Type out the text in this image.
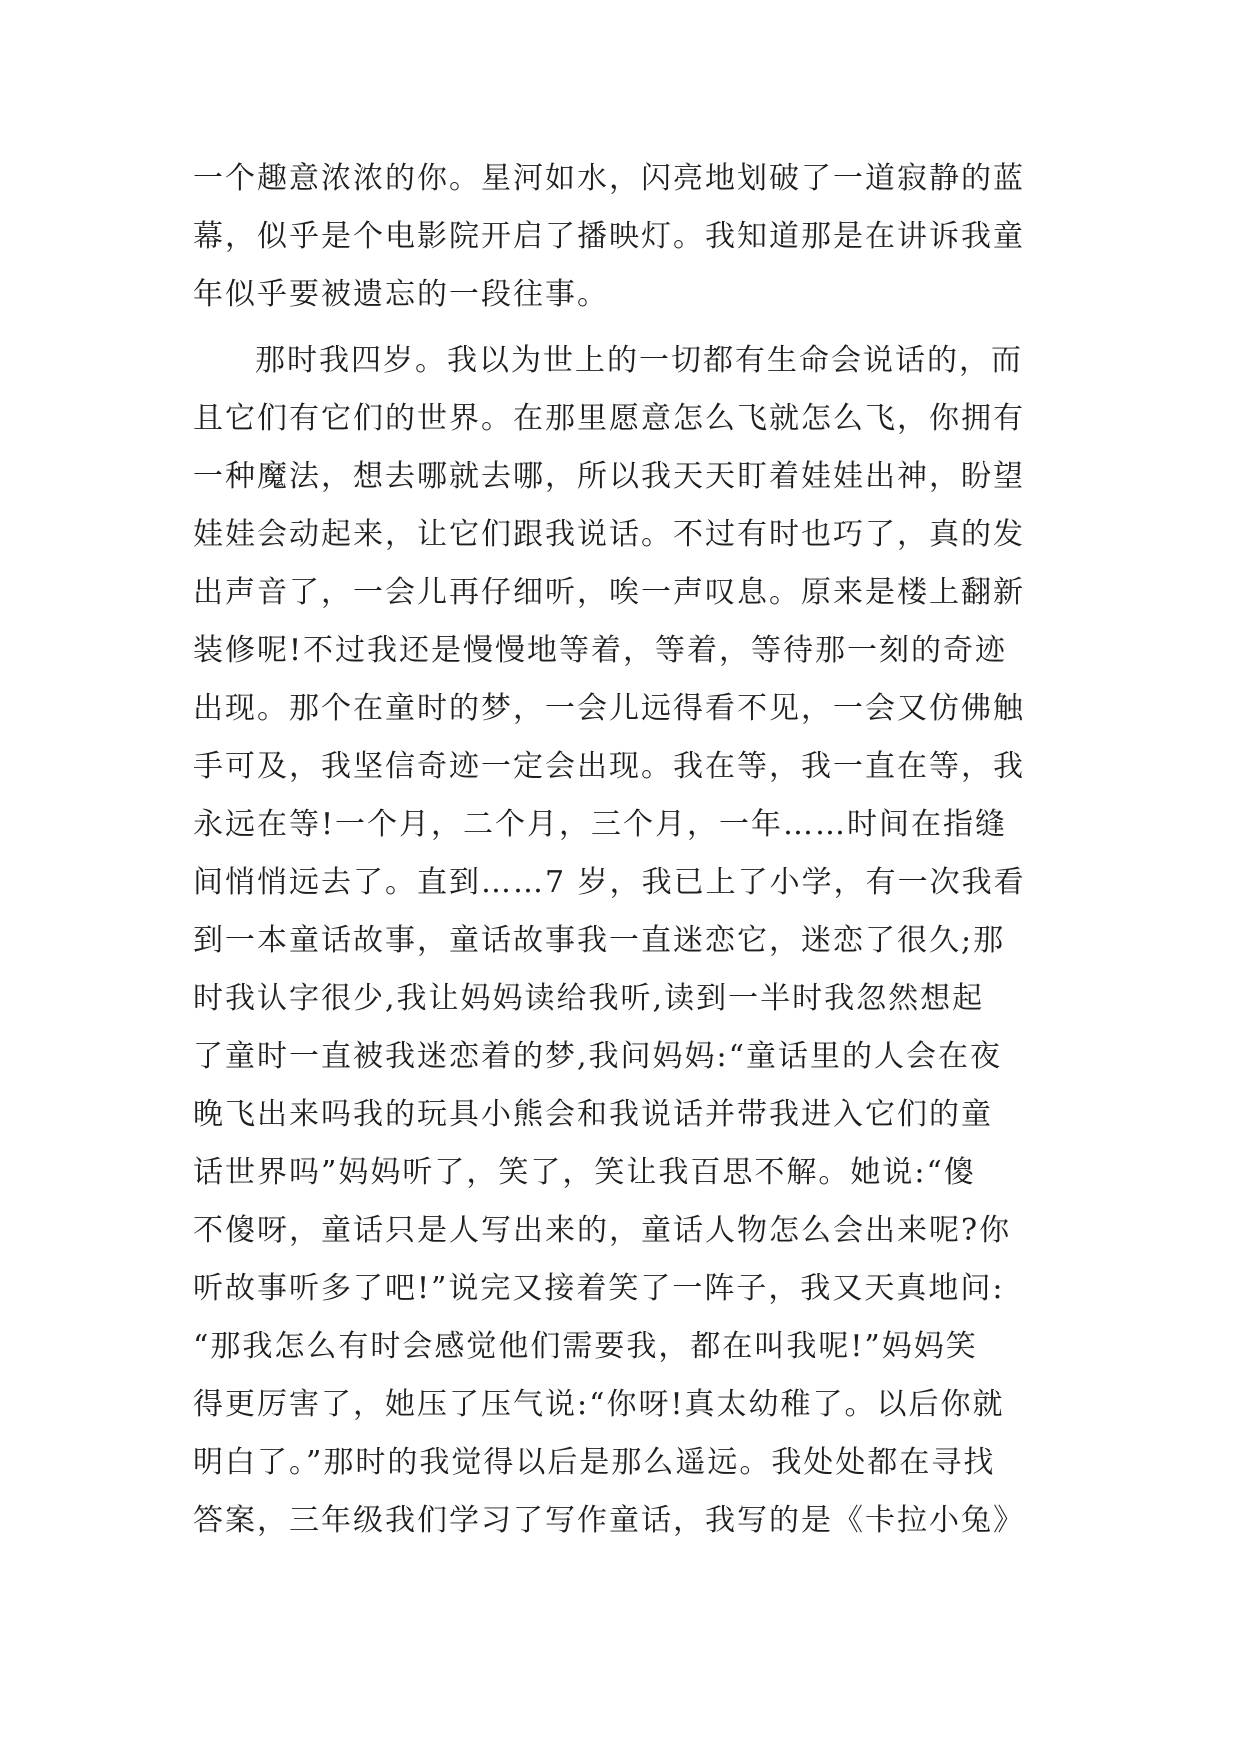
一个趣意浓浓的你。星河如水，闪亮地划破了一道寂静的蓝
幕，似乎是个电影院开启了播映灯。我知道那是在讲诉我童
年似乎要被遗忘的一段往事。
那时我四岁。我以为世上的一切都有生命会说话的，而
且它们有它们的世界。在那里愿意怎么飞就怎么飞，你拥有
一种魔法，想去哪就去哪，所以我天天盯着娃娃出神，盼望
娃娃会动起来，让它们跟我说话。不过有时也巧了，真的发
出声音了，一会儿再仔细听，唉一声叹息。原来是楼上翻新
装修呢!不过我还是慢慢地等着，等着，等待那一刻的奇迹
出现。那个在童时的梦，一会儿远得看不见，一会又仿佛触
手可及，我坚信奇迹一定会出现。我在等，我一直在等，我
永远在等!一个月，二个月，三个月，一年……时间在指缝
间悄悄远去了。直到……7 岁，我已上了小学，有一次我看
到一本童话故事，童话故事我一直迷恋它，迷恋了很久;那
时我认字很少,我让妈妈读给我听,读到一半时我忽然想起
了童时一直被我迷恋着的梦,我问妈妈:“童话里的人会在夜
晚飞出来吗我的玩具小熊会和我说话并带我进入它们的童
话世界吗”妈妈听了，笑了，笑让我百思不解。她说:“傻
不傻呀，童话只是人写出来的，童话人物怎么会出来呢?你
听故事听多了吧!”说完又接着笑了一阵子，我又天真地问:
“那我怎么有时会感觉他们需要我，都在叫我呢!”妈妈笑
得更厉害了，她压了压气说:“你呀!真太幼稚了。以后你就
明白了。”那时的我觉得以后是那么遥远。我处处都在寻找
答案，三年级我们学习了写作童话，我写的是《卡拉小兔》
